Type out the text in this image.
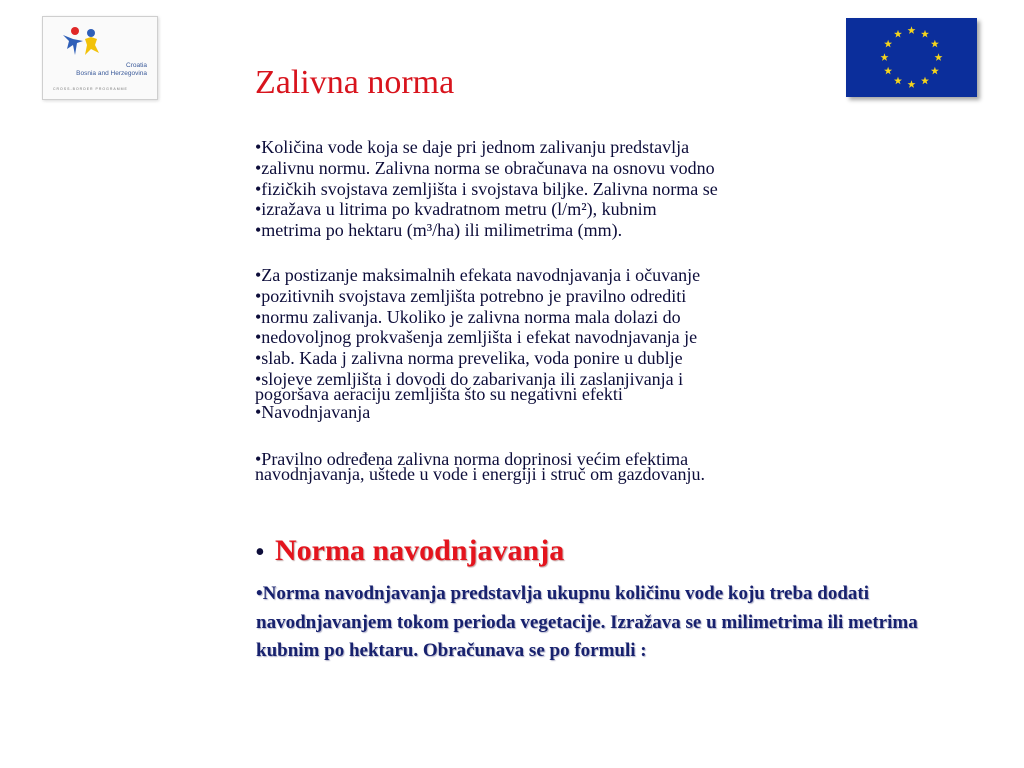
Croatia
Bosnia and Herzegovina
CROSS-BORDER PROGRAMME	Zalivna norma
•Količina vode koja se daje pri jednom zalivanju predstavlja
•zalivnu normu. Zalivna norma se obračunava na osnovu vodno
•fizičkih svojstava zemljišta i svojstava biljke. Zalivna norma se
•izražava u litrima po kvadratnom metru (l/m²), kubnim
•metrima po hektaru (m³/ha) ili milimetrima (mm).
•Za postizanje maksimalnih efekata navodnjavanja i očuvanje
•pozitivnih svojstava zemljišta potrebno je pravilno odrediti
•normu zalivanja. Ukoliko je zalivna norma mala dolazi do
•nedovoljnog prokvašenja zemljišta i efekat navodnjavanja je
•slab. Kada j zalivna norma prevelika, voda ponire u dublje
•slojeve zemljišta i dovodi do zabarivanja ili zaslanjivanja i
pogoršava aeraciju zemljišta što su negativni efekti
•Navodnjavanja
•Pravilno određena zalivna norma doprinosi većim efektima
navodnjavanja, uštede u vode i energiji i struč om gazdovanju.
• Norma navodnjavanja

•Norma navodnjavanja predstavlja ukupnu količinu vode koju treba dodati navodnjavanjem tokom perioda vegetacije. Izražava se u milimetrima ili metrima kubnim po hektaru. Obračunava se po formuli :
